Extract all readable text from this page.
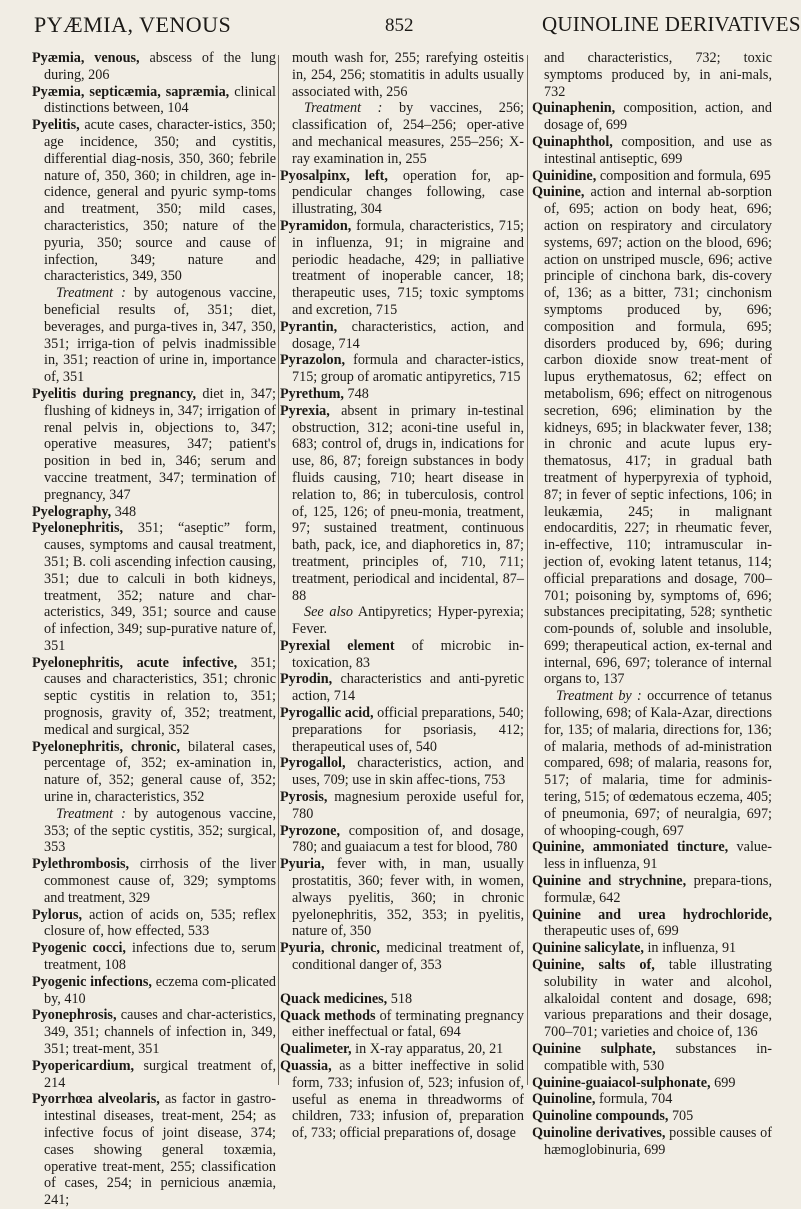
PYÆMIA, VENOUS	852	QUINOLINE DERIVATIVES

Pyæmia, venous, abscess of the lung during, 206

Pyæmia, septicæmia, sapræmia, clinical distinctions between, 104

Pyelitis, acute cases, character-istics, 350; age incidence, 350; and cystitis, differential diag-nosis, 350, 360; febrile nature of, 350, 360; in children, age in-cidence, general and pyuric symp-toms and treatment, 350; mild cases, characteristics, 350; nature of the pyuria, 350; source and cause of infection, 349; nature and characteristics, 349, 350

Treatment : by autogenous vaccine, beneficial results of, 351; diet, beverages, and purga-tives in, 347, 350, 351; irriga-tion of pelvis inadmissible in, 351; reaction of urine in, importance of, 351

Pyelitis during pregnancy, diet in, 347; flushing of kidneys in, 347; irrigation of renal pelvis in, objections to, 347; operative measures, 347; patient's position in bed in, 346; serum and vaccine treatment, 347; termination of pregnancy, 347

Pyelography, 348

Pyelonephritis, 351; “aseptic” form, causes, symptoms and causal treatment, 351; B. coli ascending infection causing, 351; due to calculi in both kidneys, treatment, 352; nature and char-acteristics, 349, 351; source and cause of infection, 349; sup-purative nature of, 351

Pyelonephritis, acute infective, 351; causes and characteristics, 351; chronic septic cystitis in relation to, 351; prognosis, gravity of, 352; treatment, medical and surgical, 352

Pyelonephritis, chronic, bilateral cases, percentage of, 352; ex-amination in, nature of, 352; general cause of, 352; urine in, characteristics, 352

Treatment : by autogenous vaccine, 353; of the septic cystitis, 352; surgical, 353

Pylethrombosis, cirrhosis of the liver commonest cause of, 329; symptoms and treatment, 329

Pylorus, action of acids on, 535; reflex closure of, how effected, 533

Pyogenic cocci, infections due to, serum treatment, 108

Pyogenic infections, eczema com-plicated by, 410

Pyonephrosis, causes and char-acteristics, 349, 351; channels of infection in, 349, 351; treat-ment, 351

Pyopericardium, surgical treatment of, 214

Pyorrhœa alveolaris, as factor in gastro-intestinal diseases, treat-ment, 254; as infective focus of joint disease, 374; cases showing general toxæmia, operative treat-ment, 255; classification of cases, 254; in pernicious anæmia, 241;

mouth wash for, 255; rarefying osteitis in, 254, 256; stomatitis in adults usually associated with, 256

Treatment : by vaccines, 256; classification of, 254–256; oper-ative and mechanical measures, 255–256; X-ray examination in, 255

Pyosalpinx, left, operation for, ap-pendicular changes following, case illustrating, 304

Pyramidon, formula, characteristics, 715; in influenza, 91; in migraine and periodic headache, 429; in palliative treatment of inoperable cancer, 18; therapeutic uses, 715; toxic symptoms and excretion, 715

Pyrantin, characteristics, action, and dosage, 714

Pyrazolon, formula and character-istics, 715; group of aromatic antipyretics, 715

Pyrethum, 748

Pyrexia, absent in primary in-testinal obstruction, 312; aconi-tine useful in, 683; control of, drugs in, indications for use, 86, 87; foreign substances in body fluids causing, 710; heart disease in relation to, 86; in tuberculosis, control of, 125, 126; of pneu-monia, treatment, 97; sustained treatment, continuous bath, pack, ice, and diaphoretics in, 87; treatment, principles of, 710, 711; treatment, periodical and incidental, 87–88

See also Antipyretics; Hyper-pyrexia; Fever.

Pyrexial element of microbic in-toxication, 83

Pyrodin, characteristics and anti-pyretic action, 714

Pyrogallic acid, official preparations, 540; preparations for psoriasis, 412; therapeutical uses of, 540

Pyrogallol, characteristics, action, and uses, 709; use in skin affec-tions, 753

Pyrosis, magnesium peroxide useful for, 780

Pyrozone, composition of, and dosage, 780; and guaiacum a test for blood, 780

Pyuria, fever with, in man, usually prostatitis, 360; fever with, in women, always pyelitis, 360; in chronic pyelonephritis, 352, 353; in pyelitis, nature of, 350

Pyuria, chronic, medicinal treatment of, conditional danger of, 353

Quack medicines, 518

Quack methods of terminating pregnancy either ineffectual or fatal, 694

Qualimeter, in X-ray apparatus, 20, 21

Quassia, as a bitter ineffective in solid form, 733; infusion of, 523; infusion of, useful as enema in threadworms of children, 733; infusion of, preparation of, 733; official preparations of, dosage

and characteristics, 732; toxic symptoms produced by, in ani-mals, 732

Quinaphenin, composition, action, and dosage of, 699

Quinaphthol, composition, and use as intestinal antiseptic, 699

Quinidine, composition and formula, 695

Quinine, action and internal ab-sorption of, 695; action on body heat, 696; action on respiratory and circulatory systems, 697; action on the blood, 696; action on unstriped muscle, 696; active principle of cinchona bark, dis-covery of, 136; as a bitter, 731; cinchonism symptoms produced by, 696; composition and formula, 695; disorders produced by, 696; during carbon dioxide snow treat-ment of lupus erythematosus, 62; effect on metabolism, 696; effect on nitrogenous secretion, 696; elimination by the kidneys, 695; in blackwater fever, 138; in chronic and acute lupus ery-thematosus, 417; in gradual bath treatment of hyperpyrexia of typhoid, 87; in fever of septic infections, 106; in leukæmia, 245; in malignant endocarditis, 227; in rheumatic fever, in-effective, 110; intramuscular in-jection of, evoking latent tetanus, 114; official preparations and dosage, 700–701; poisoning by, symptoms of, 696; substances precipitating, 528; synthetic com-pounds of, soluble and insoluble, 699; therapeutical action, ex-ternal and internal, 696, 697; tolerance of internal organs to, 137

Treatment by : occurrence of tetanus following, 698; of Kala-Azar, directions for, 135; of malaria, directions for, 136; of malaria, methods of ad-ministration compared, 698; of malaria, reasons for, 517; of malaria, time for adminis-tering, 515; of œdematous eczema, 405; of pneumonia, 697; of neuralgia, 697; of whooping-cough, 697

Quinine, ammoniated tincture, value-less in influenza, 91

Quinine and strychnine, prepara-tions, formulæ, 642

Quinine and urea hydrochloride, therapeutic uses of, 699

Quinine salicylate, in influenza, 91

Quinine, salts of, table illustrating solubility in water and alcohol, alkaloidal content and dosage, 698; various preparations and their dosage, 700–701; varieties and choice of, 136

Quinine sulphate, substances in-compatible with, 530

Quinine-guaiacol-sulphonate, 699

Quinoline, formula, 704

Quinoline compounds, 705

Quinoline derivatives, possible causes of hæmoglobinuria, 699
